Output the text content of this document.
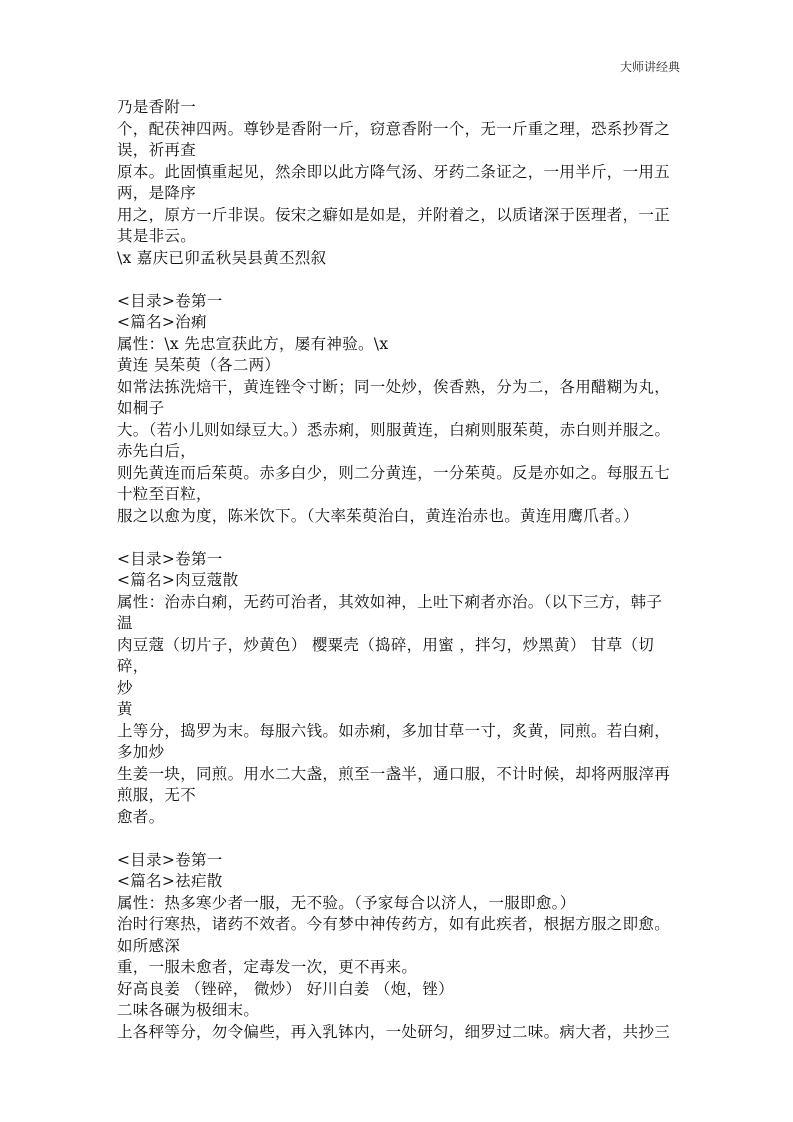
大师讲经典
乃是香附一
个，配茯神四两。尊钞是香附一斤，窃意香附一个，无一斤重之理，恐系抄胥之
误，祈再查
原本。此固慎重起见，然余即以此方降气汤、牙药二条证之，一用半斤，一用五
两，是降序
用之，原方一斤非误。佞宋之癖如是如是，并附着之，以质诸深于医理者，一正
其是非云。
\x 嘉庆已卯孟秋吴县黄丕烈叙
<目录>卷第一
<篇名>治痢
属性：\x 先忠宣获此方，屡有神验。\x
黄连 吴茱萸（各二两）
如常法拣洗焙干，黄连锉令寸断；同一处炒，俟香熟，分为二，各用醋糊为丸，
如桐子
大。（若小儿则如绿豆大。）悉赤痢，则服黄连，白痢则服茱萸，赤白则并服之。
赤先白后，
则先黄连而后茱萸。赤多白少，则二分黄连，一分茱萸。反是亦如之。每服五七
十粒至百粒，
服之以愈为度，陈米饮下。（大率茱萸治白，黄连治赤也。黄连用鹰爪者。）
<目录>卷第一
<篇名>肉豆蔻散
属性：治赤白痢，无药可治者，其效如神，上吐下痢者亦治。（以下三方，韩子
温
肉豆蔻（切片子，炒黄色） 樱粟壳（捣碎，用蜜 ，拌匀，炒黑黄） 甘草（切
碎，
炒
黄
上等分，捣罗为末。每服六钱。如赤痢，多加甘草一寸，炙黄，同煎。若白痢，
多加炒
生姜一块，同煎。用水二大盏，煎至一盏半，通口服，不计时候，却将两服滓再
煎服，无不
愈者。
<目录>卷第一
<篇名>祛疟散
属性：热多寒少者一服，无不验。（予家每合以济人，一服即愈。）
治时行寒热，诸药不效者。今有梦中神传药方，如有此疾者，根据方服之即愈。
如所感深
重，一服未愈者，定毒发一次，更不再来。
好高良姜 （锉碎， 微炒） 好川白姜 （炮，锉）
二味各碾为极细末。
上各秤等分，勿令偏些，再入乳钵内，一处研匀，细罗过二味。病大者，共抄三
